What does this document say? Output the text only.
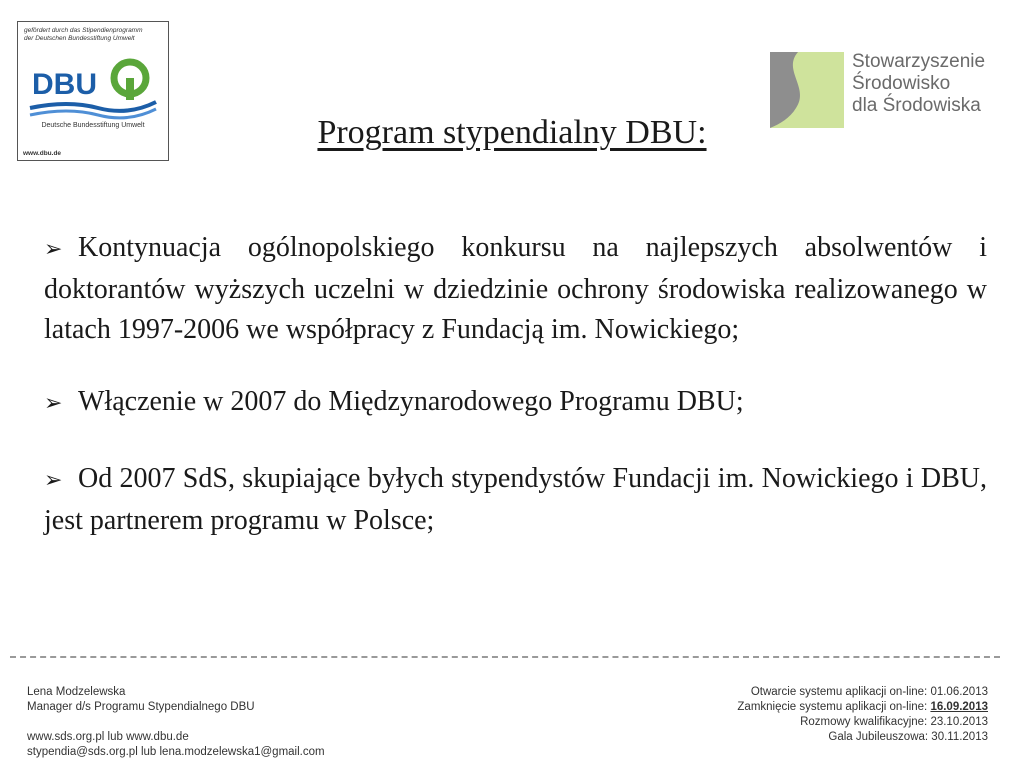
gefördert durch das Stipendienprogramm
der Deutschen Bundesstiftung Umwelt
DBU
Deutsche Bundesstiftung Umwelt
www.dbu.de
Stowarzyszenie
Środowisko
dla Środowiska
Program stypendialny DBU:

➢ Kontynuacja ogólnopolskiego konkursu na najlepszych absolwentów i doktorantów wyższych uczelni w dziedzinie ochrony środowiska realizowanego w latach 1997-2006 we współpracy z Fundacją im. Nowickiego;

➢ Włączenie w 2007 do Międzynarodowego Programu DBU;

➢ Od 2007 SdS, skupiające byłych stypendystów Fundacji im. Nowickiego i DBU, jest partnerem programu w Polsce;

Lena Modzelewska
Manager d/s Programu Stypendialnego DBU
www.sds.org.pl lub www.dbu.de
stypendia@sds.org.pl lub lena.modzelewska1@gmail.com
Otwarcie systemu aplikacji on-line: 01.06.2013
Zamknięcie systemu aplikacji on-line: 16.09.2013
Rozmowy kwalifikacyjne: 23.10.2013
Gala Jubileuszowa: 30.11.2013
